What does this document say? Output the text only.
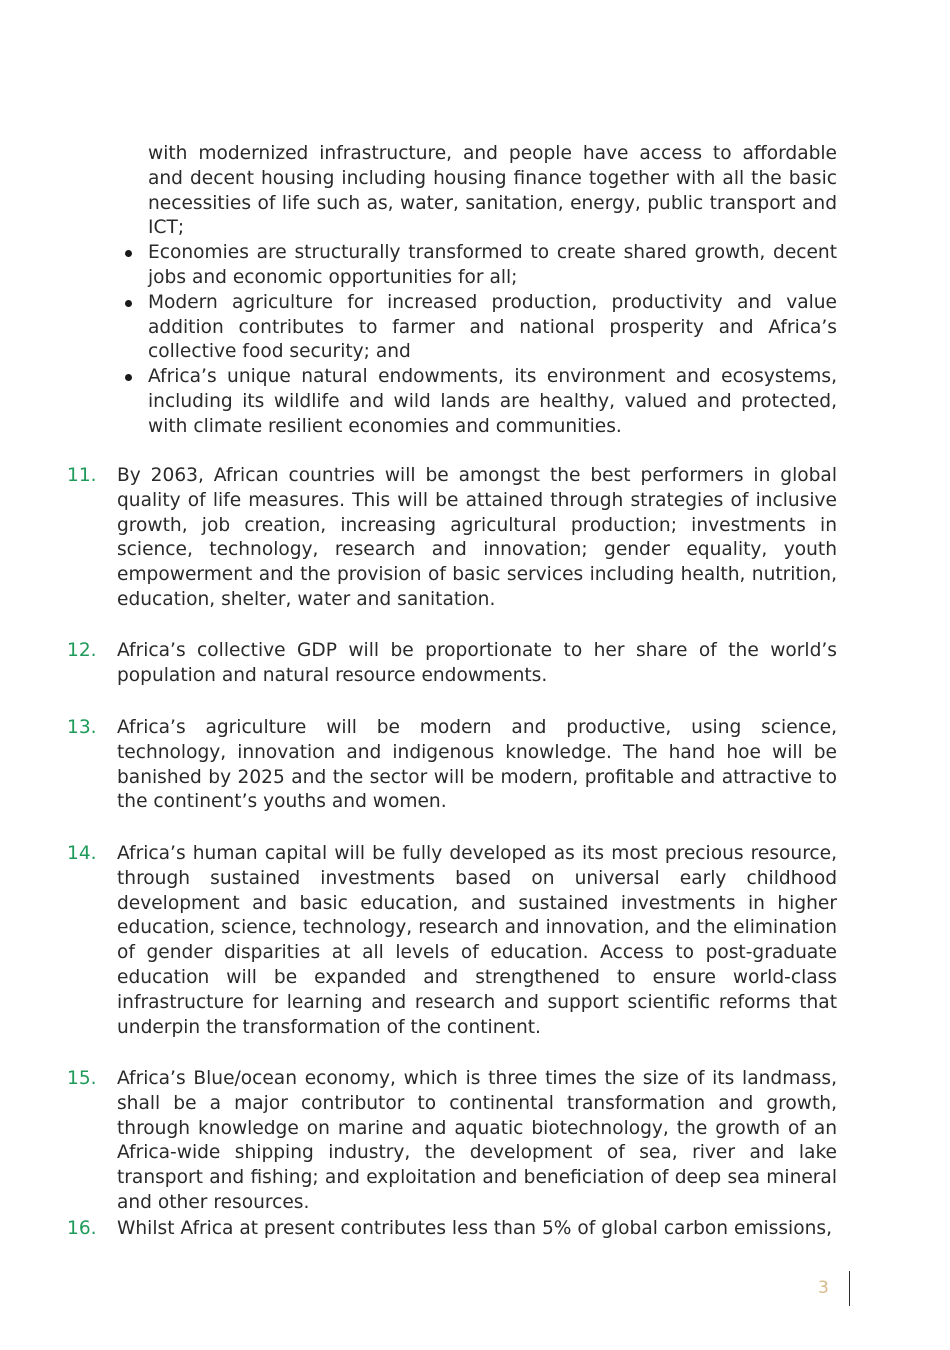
with modernized infrastructure, and people have access to affordable and decent housing including housing finance together with all the basic necessities of life such as, water, sanitation, energy, public transport and ICT;
Economies are structurally transformed to create shared growth, decent jobs and economic opportunities for all;
Modern agriculture for increased production, productivity and value addition contributes to farmer and national prosperity and Africa’s collective food security; and
Africa’s unique natural endowments, its environment and ecosystems, including its wildlife and wild lands are healthy, valued and protected, with climate resilient economies and communities.
11. By 2063, African countries will be amongst the best performers in global quality of life measures. This will be attained through strategies of inclusive growth, job creation, increasing agricultural production; investments in science, technology, research and innovation; gender equality, youth empowerment and the provision of basic services including health, nutrition, education, shelter, water and sanitation.
12. Africa’s collective GDP will be proportionate to her share of the world’s population and natural resource endowments.
13. Africa’s agriculture will be modern and productive, using science, technology, innovation and indigenous knowledge. The hand hoe will be banished by 2025 and the sector will be modern, profitable and attractive to the continent’s youths and women.
14. Africa’s human capital will be fully developed as its most precious resource, through sustained investments based on universal early childhood development and basic education, and sustained investments in higher education, science, technology, research and innovation, and the elimination of gender disparities at all levels of education. Access to post-graduate education will be expanded and strengthened to ensure world-class infrastructure for learning and research and support scientific reforms that underpin the transformation of the continent.
15. Africa’s Blue/ocean economy, which is three times the size of its landmass, shall be a major contributor to continental transformation and growth, through knowledge on marine and aquatic biotechnology, the growth of an Africa-wide shipping industry, the development of sea, river and lake transport and fishing; and exploitation and beneficiation of deep sea mineral and other resources.
16. Whilst Africa at present contributes less than 5% of global carbon emissions,
3
